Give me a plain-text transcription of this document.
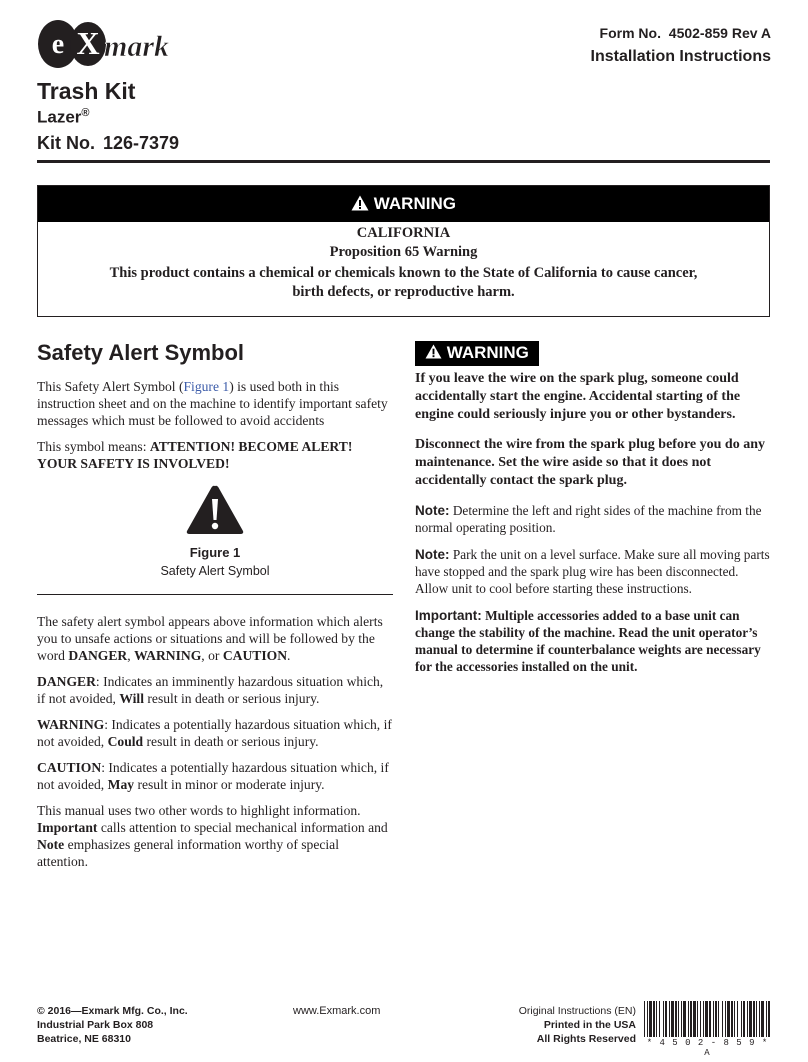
e X mark	Form No. 4502-859 Rev A
Installation Instructions
Trash Kit
Lazer®
Kit No. 126-7379
WARNING
CALIFORNIA
Proposition 65 Warning
This product contains a chemical or chemicals known to the State of California to cause cancer, birth defects, or reproductive harm.
Safety Alert Symbol

This Safety Alert Symbol (Figure 1) is used both in this instruction sheet and on the machine to identify important safety messages which must be followed to avoid accidents

This symbol means: ATTENTION! BECOME ALERT! YOUR SAFETY IS INVOLVED!

Figure 1
Safety Alert Symbol

The safety alert symbol appears above information which alerts you to unsafe actions or situations and will be followed by the word DANGER, WARNING, or CAUTION.

DANGER: Indicates an imminently hazardous situation which, if not avoided, Will result in death or serious injury.

WARNING: Indicates a potentially hazardous situation which, if not avoided, Could result in death or serious injury.

CAUTION: Indicates a potentially hazardous situation which, if not avoided, May result in minor or moderate injury.

This manual uses two other words to highlight information. Important calls attention to special mechanical information and Note emphasizes general information worthy of special attention.

WARNING

If you leave the wire on the spark plug, someone could accidentally start the engine. Accidental starting of the engine could seriously injure you or other bystanders.

Disconnect the wire from the spark plug before you do any maintenance. Set the wire aside so that it does not accidentally contact the spark plug.

Note: Determine the left and right sides of the machine from the normal operating position.

Note: Park the unit on a level surface. Make sure all moving parts have stopped and the spark plug wire has been disconnected. Allow unit to cool before starting these instructions.

Important: Multiple accessories added to a base unit can change the stability of the machine. Read the unit operator’s manual to determine if counterbalance weights are necessary for the accessories installed on the unit.

© 2016—Exmark Mfg. Co., Inc.
Industrial Park Box 808
Beatrice, NE 68310
www.Exmark.com	Original Instructions (EN)
Printed in the USA
All Rights Reserved * 4 5 0 2 - 8 5 9 * A
